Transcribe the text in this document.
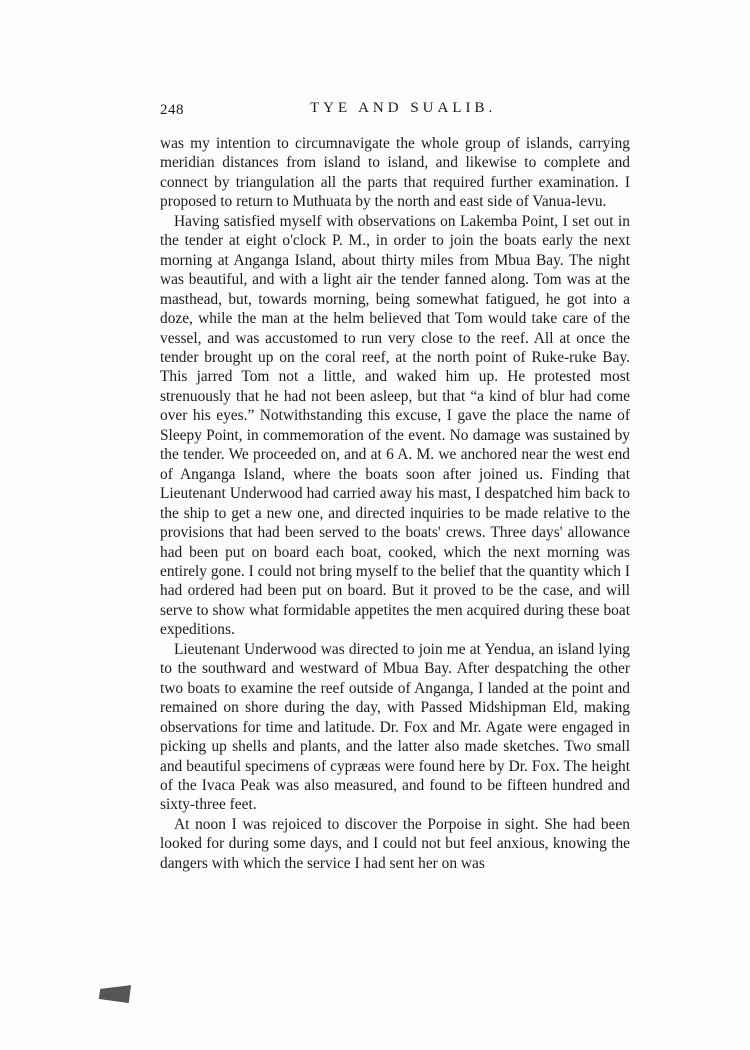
248	TYE AND SUALIB.

was my intention to circumnavigate the whole group of islands, carrying meridian distances from island to island, and likewise to complete and connect by triangulation all the parts that required further examination. I proposed to return to Muthuata by the north and east side of Vanua-levu.

Having satisfied myself with observations on Lakemba Point, I set out in the tender at eight o'clock P. M., in order to join the boats early the next morning at Anganga Island, about thirty miles from Mbua Bay. The night was beautiful, and with a light air the tender fanned along. Tom was at the masthead, but, towards morning, being somewhat fatigued, he got into a doze, while the man at the helm believed that Tom would take care of the vessel, and was accustomed to run very close to the reef. All at once the tender brought up on the coral reef, at the north point of Ruke-ruke Bay. This jarred Tom not a little, and waked him up. He protested most strenuously that he had not been asleep, but that “a kind of blur had come over his eyes.” Notwithstanding this excuse, I gave the place the name of Sleepy Point, in commemoration of the event. No damage was sustained by the tender. We proceeded on, and at 6 A. M. we anchored near the west end of Anganga Island, where the boats soon after joined us. Finding that Lieutenant Underwood had carried away his mast, I despatched him back to the ship to get a new one, and directed inquiries to be made relative to the provisions that had been served to the boats' crews. Three days' allowance had been put on board each boat, cooked, which the next morning was entirely gone. I could not bring myself to the belief that the quantity which I had ordered had been put on board. But it proved to be the case, and will serve to show what formidable appetites the men acquired during these boat expeditions.

Lieutenant Underwood was directed to join me at Yendua, an island lying to the southward and westward of Mbua Bay. After despatching the other two boats to examine the reef outside of Anganga, I landed at the point and remained on shore during the day, with Passed Midshipman Eld, making observations for time and latitude. Dr. Fox and Mr. Agate were engaged in picking up shells and plants, and the latter also made sketches. Two small and beautiful specimens of cypræas were found here by Dr. Fox. The height of the Ivaca Peak was also measured, and found to be fifteen hundred and sixty-three feet.

At noon I was rejoiced to discover the Porpoise in sight. She had been looked for during some days, and I could not but feel anxious, knowing the dangers with which the service I had sent her on was
